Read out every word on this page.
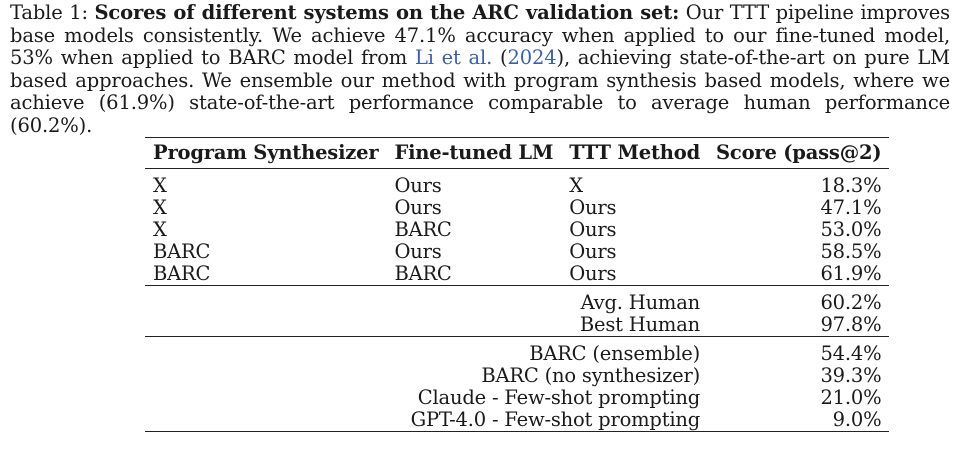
Table 1: Scores of different systems on the ARC validation set: Our TTT pipeline improves base models consistently. We achieve 47.1% accuracy when applied to our fine-tuned model, 53% when applied to BARC model from Li et al. (2024), achieving state-of-the-art on pure LM based approaches. We ensemble our method with program synthesis based models, where we achieve (61.9%) state-of-the-art performance comparable to average human performance (60.2%).
Program Synthesizer	Fine-tuned LM	TTT Method	Score (pass@2)
X	Ours	X	18.3%
X	Ours	Ours	47.1%
X	BARC	Ours	53.0%
BARC	Ours	Ours	58.5%
BARC	BARC	Ours	61.9%
Avg. Human			60.2%
Best Human			97.8%
BARC (ensemble)			54.4%
BARC (no synthesizer)			39.3%
Claude - Few-shot prompting			21.0%
GPT-4.0 - Few-shot prompting			9.0%
